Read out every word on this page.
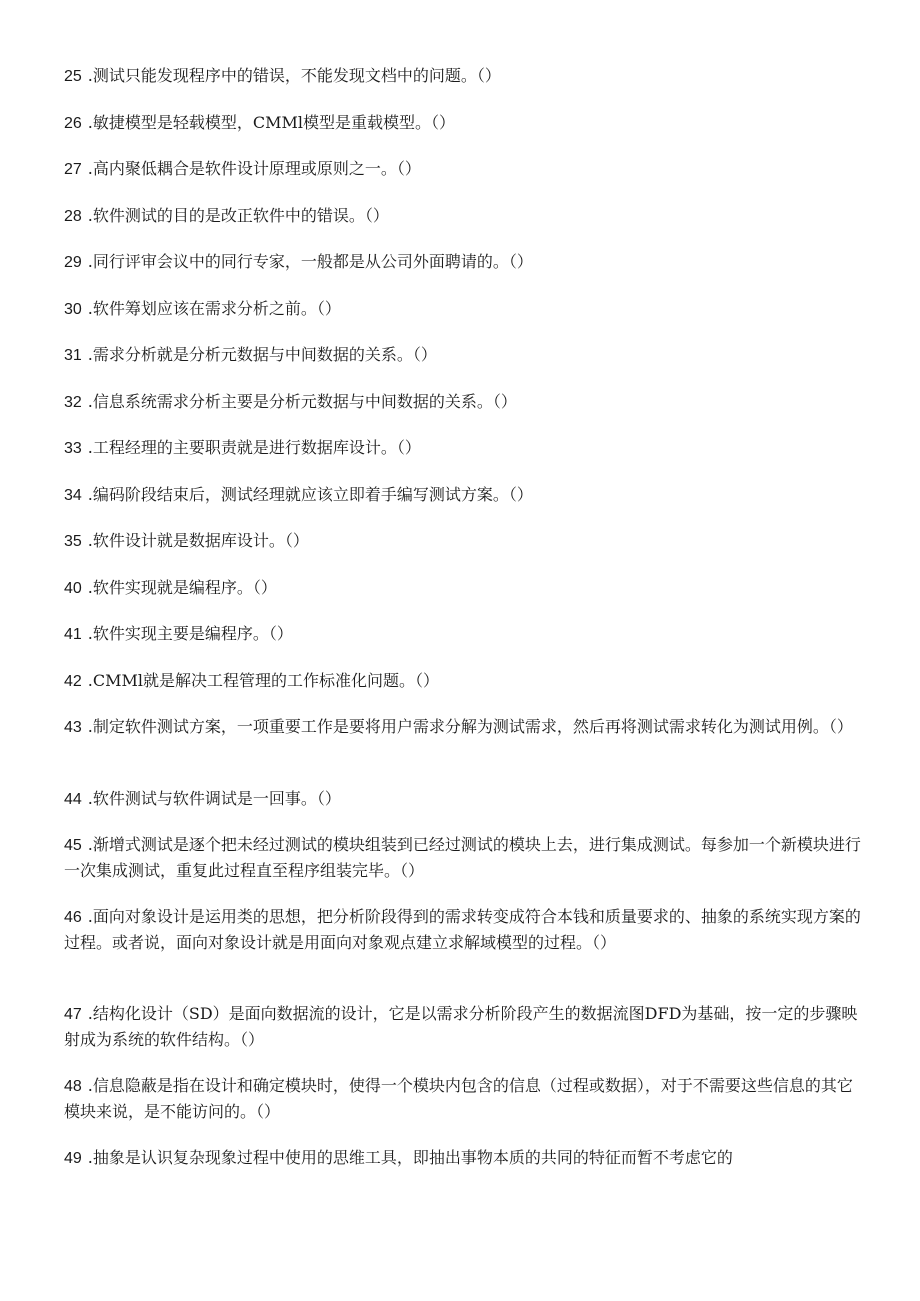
25 .测试只能发现程序中的错误，不能发现文档中的问题。（）
26 .敏捷模型是轻载模型，CMMl模型是重载模型。（）
27 .高内聚低耦合是软件设计原理或原则之一。（）
28 .软件测试的目的是改正软件中的错误。（）
29 .同行评审会议中的同行专家，一般都是从公司外面聘请的。（）
30 .软件筹划应该在需求分析之前。（）
31 .需求分析就是分析元数据与中间数据的关系。（）
32 .信息系统需求分析主要是分析元数据与中间数据的关系。（）
33 .工程经理的主要职责就是进行数据库设计。（）
34 .编码阶段结束后，测试经理就应该立即着手编写测试方案。（）
35 .软件设计就是数据库设计。（）
40 .软件实现就是编程序。（）
41 .软件实现主要是编程序。（）
42 .CMMl就是解决工程管理的工作标准化问题。（）
43 .制定软件测试方案，一项重要工作是要将用户需求分解为测试需求，然后再将测试需求转化为测试用例。（）
44 .软件测试与软件调试是一回事。（）
45 .渐增式测试是逐个把未经过测试的模块组装到已经过测试的模块上去，进行集成测试。每参加一个新模块进行一次集成测试，重复此过程直至程序组装完毕。（）
46 .面向对象设计是运用类的思想，把分析阶段得到的需求转变成符合本钱和质量要求的、抽象的系统实现方案的过程。或者说，面向对象设计就是用面向对象观点建立求解域模型的过程。（）
47 .结构化设计（SD）是面向数据流的设计，它是以需求分析阶段产生的数据流图DFD为基础，按一定的步骤映射成为系统的软件结构。（）
48 .信息隐蔽是指在设计和确定模块时，使得一个模块内包含的信息（过程或数据），对于不需要这些信息的其它模块来说，是不能访问的。（）
49 .抽象是认识复杂现象过程中使用的思维工具，即抽出事物本质的共同的特征而暂不考虑它的
